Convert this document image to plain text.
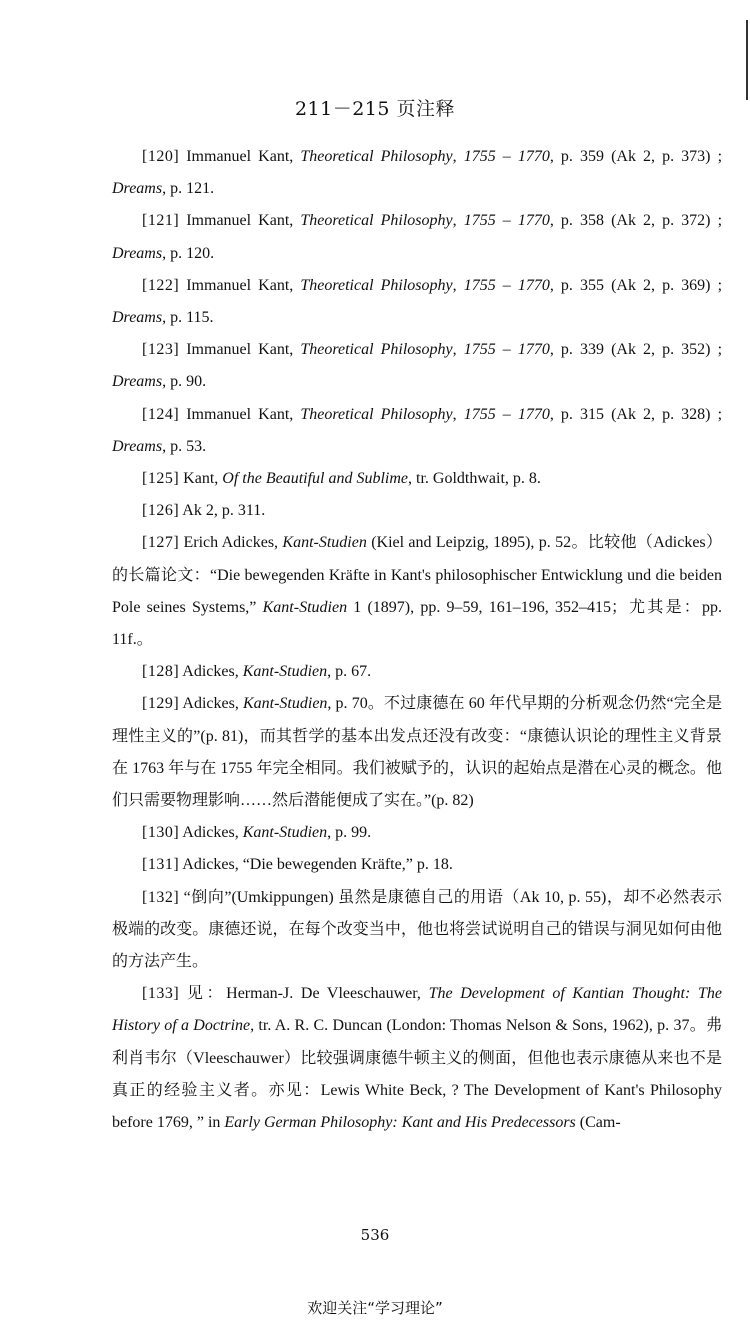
211－215 页注释

[120] Immanuel Kant, Theoretical Philosophy, 1755 – 1770, p. 359 (Ak 2, p. 373) ; Dreams, p. 121.

[121] Immanuel Kant, Theoretical Philosophy, 1755 – 1770, p. 358 (Ak 2, p. 372) ; Dreams, p. 120.

[122] Immanuel Kant, Theoretical Philosophy, 1755 – 1770, p. 355 (Ak 2, p. 369) ; Dreams, p. 115.

[123] Immanuel Kant, Theoretical Philosophy, 1755 – 1770, p. 339 (Ak 2, p. 352) ; Dreams, p. 90.

[124] Immanuel Kant, Theoretical Philosophy, 1755 – 1770, p. 315 (Ak 2, p. 328) ; Dreams, p. 53.

[125] Kant, Of the Beautiful and Sublime, tr. Goldthwait, p. 8.

[126] Ak 2, p. 311.

[127] Erich Adickes, Kant-Studien (Kiel and Leipzig, 1895), p. 52。比较他（Adickes）的长篇论文：“Die bewegenden Kräfte in Kant's philosophischer Entwicklung und die beiden Pole seines Systems,” Kant-Studien 1 (1897), pp. 9–59, 161–196, 352–415；尤其是：pp. 11f.。

[128] Adickes, Kant-Studien, p. 67.

[129] Adickes, Kant-Studien, p. 70。不过康德在 60 年代早期的分析观念仍然“完全是理性主义的”(p. 81)，而其哲学的基本出发点还没有改变：“康德认识论的理性主义背景在 1763 年与在 1755 年完全相同。我们被赋予的，认识的起始点是潜在心灵的概念。他们只需要物理影响……然后潜能便成了实在。”(p. 82)

[130] Adickes, Kant-Studien, p. 99.

[131] Adickes, “Die bewegenden Kräfte,” p. 18.

[132] “倒向”(Umkippungen) 虽然是康德自己的用语（Ak 10, p. 55)，却不必然表示极端的改变。康德还说，在每个改变当中，他也将尝试说明自己的错误与洞见如何由他的方法产生。

[133] 见：Herman-J. De Vleeschauwer, The Development of Kantian Thought: The History of a Doctrine, tr. A. R. C. Duncan (London: Thomas Nelson & Sons, 1962), p. 37。弗利肖韦尔（Vleeschauwer）比较强调康德牛顿主义的侧面，但他也表示康德从来也不是真正的经验主义者。亦见：Lewis White Beck, ? The Development of Kant's Philosophy before 1769, ” in Early German Philosophy: Kant and His Predecessors (Cam-

536
欢迎关注“学习理论”
